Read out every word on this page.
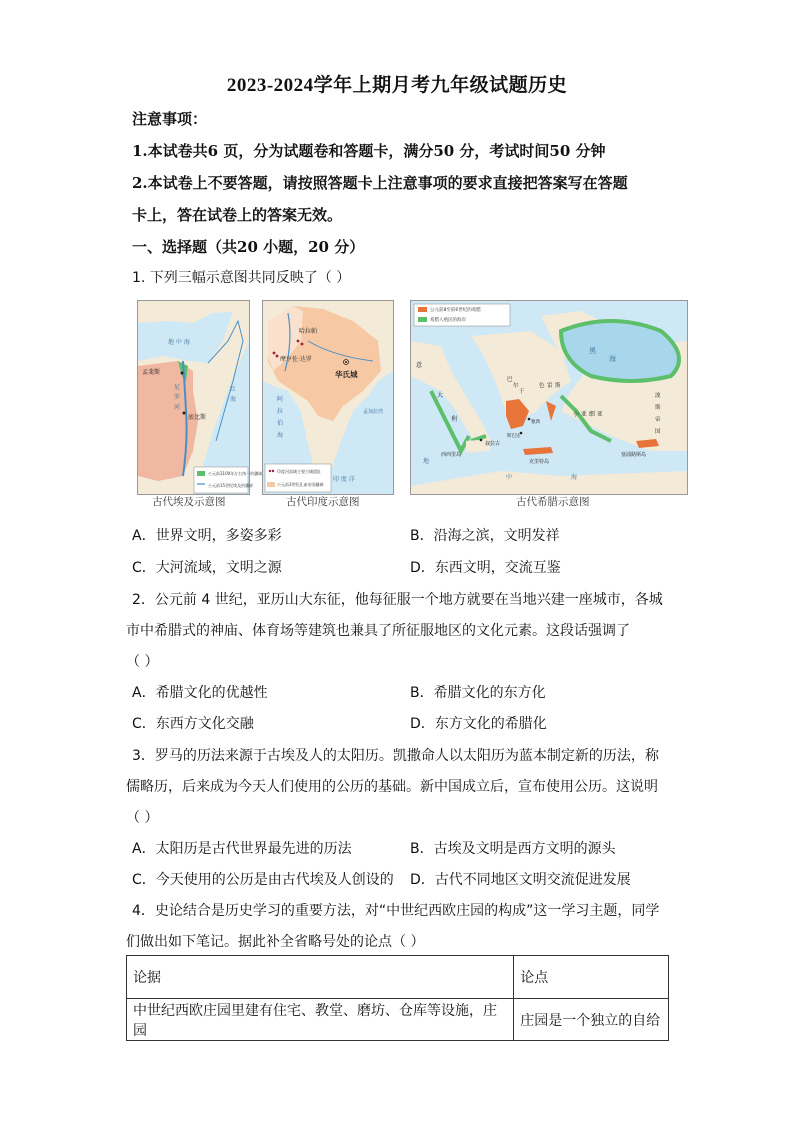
2023-2024学年上期月考九年级试题历史
注意事项：
1.本试卷共6 页，分为试题卷和答题卡，满分50 分，考试时间50 分钟
2.本试卷上不要答题，请按照答题卡上注意事项的要求直接把答案写在答题
卡上，答在试卷上的答案无效。
一、选择题（共20 小题，20 分）
1. 下列三幅示意图共同反映了（ ）
公元前3100年左右统一的疆域
公元前15世纪埃及的疆界
地 中 海
孟斐斯
底比斯
红
海
尼
罗
河
古代埃及示意图
哈拉帕
摩亨佐·达罗
华氏城
阿
拉
伯
海
孟加拉湾
印 度 洋
印度河流域主要古城遗址
公元前3世纪孔雀帝国疆域
古代印度示意图
公元前8至前6世纪的希腊
希腊人殖民的海岸
黑
海
意
大
利
巴
尔
干
色 雷 斯
小 亚 细 亚
波
斯
帝
国
叙拉古
西西里岛
克里特岛
塞浦路斯岛
地
中	海
雅典
斯巴达
古代希腊示意图
A．世界文明，多姿多彩	B．沿海之滨，文明发祥
C．大河流域，文明之源	D．东西文明，交流互鉴
2．公元前 4 世纪，亚历山大东征，他每征服一个地方就要在当地兴建一座城市，各城
市中希腊式的神庙、体育场等建筑也兼具了所征服地区的文化元素。这段话强调了
（ ）
A．希腊文化的优越性	B．希腊文化的东方化
C．东西方文化交融	D．东方文化的希腊化
3．罗马的历法来源于古埃及人的太阳历。凯撒命人以太阳历为蓝本制定新的历法，称
儒略历，后来成为今天人们使用的公历的基础。新中国成立后，宣布使用公历。这说明
（ ）
A．太阳历是古代世界最先进的历法	B．古埃及文明是西方文明的源头
C．今天使用的公历是由古代埃及人创设的 D．古代不同地区文明交流促进发展
4．史论结合是历史学习的重要方法，对“中世纪西欧庄园的构成”这一学习主题，同学
们做出如下笔记。据此补全省略号处的论点（ ）
论据	论点
中世纪西欧庄园里建有住宅、教堂、磨坊、仓库等设施，庄园	庄园是一个独立的自给
